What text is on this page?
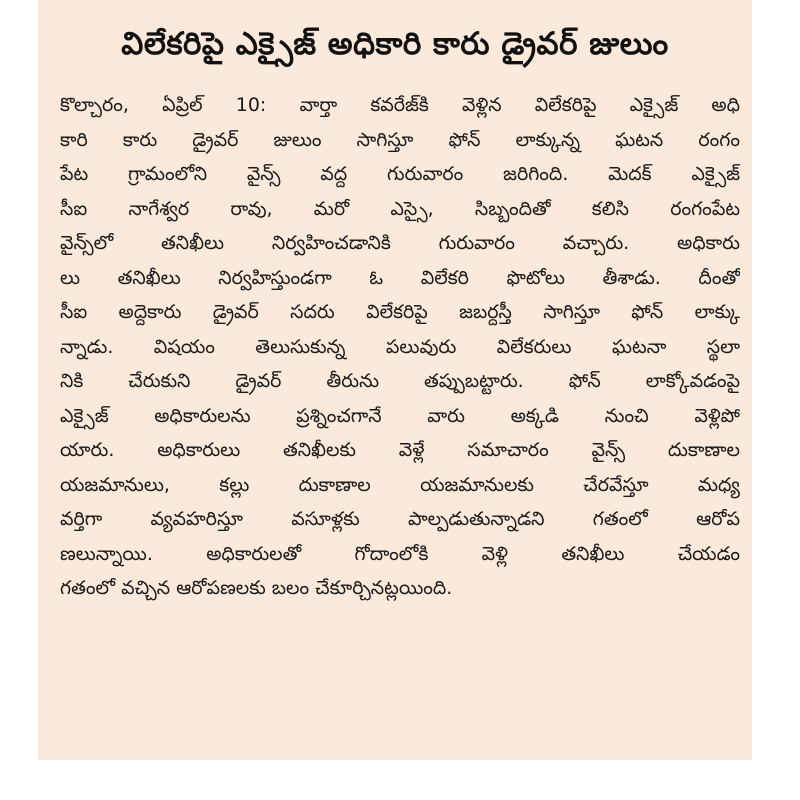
విలేకరిపై ఎక్సైజ్ అధికారి కారు డ్రైవర్ జులుం
కొల్చారం, ఏప్రిల్ 10: వార్తా కవరేజ్‌కి వెళ్లిన విలేకరిపై ఎక్సైజ్ అధి
కారి కారు డ్రైవర్ జులుం సాగిస్తూ ఫోన్ లాక్కున్న ఘటన రంగం
పేట గ్రామంలోని వైన్స్ వద్ద గురువారం జరిగింది. మెదక్ ఎక్సైజ్
సీఐ నాగేశ్వర రావు, మరో ఎస్సై, సిబ్బందితో కలిసి రంగంపేట
వైన్స్‌లో తనిఖీలు నిర్వహించడానికి గురువారం వచ్చారు. అధికారు
లు తనిఖీలు నిర్వహిస్తుండగా ఓ విలేకరి ఫొటోలు తీశాడు. దీంతో
సీఐ అద్దెకారు డ్రైవర్ సదరు విలేకరిపై జబర్దస్తీ సాగిస్తూ ఫోన్ లాక్కు
న్నాడు. విషయం తెలుసుకున్న పలువురు విలేకరులు ఘటనా స్థలా
నికి చేరుకుని డ్రైవర్ తీరును తప్పుబట్టారు. ఫోన్ లాక్కోవడంపై
ఎక్సైజ్ అధికారులను ప్రశ్నించగానే వారు అక్కడి నుంచి వెళ్లిపో
యారు. అధికారులు తనిఖీలకు వెళ్లే సమాచారం వైన్స్ దుకాణాల
యజమానులు, కల్లు దుకాణాల యజమానులకు చేరవేస్తూ మధ్య
వర్తిగా వ్యవహరిస్తూ వసూళ్లకు పాల్పడుతున్నాడని గతంలో ఆరోప
ణలున్నాయి. అధికారులతో గోదాంలోకి వెళ్లి తనిఖీలు చేయడం
గతంలో వచ్చిన ఆరోపణలకు బలం చేకూర్చినట్లయింది.
